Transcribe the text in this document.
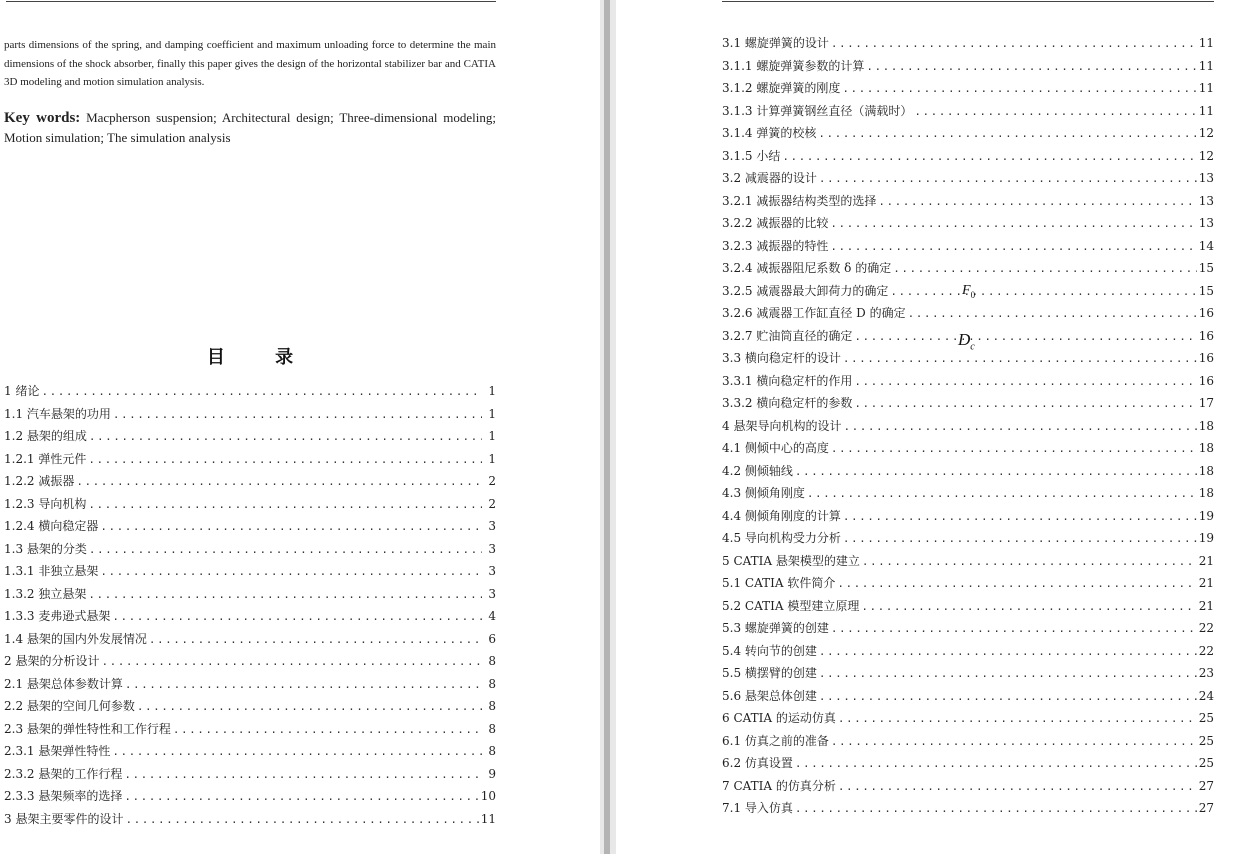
parts dimensions of the spring, and damping coefficient and maximum unloading force to determine the main dimensions of the shock absorber, finally this paper gives the design of the horizontal stabilizer bar and CATIA 3D modeling and motion simulation analysis.

Key words: Macpherson suspension; Architectural design; Three-dimensional modeling; Motion simulation; The simulation analysis

目	录
1 绪论 .....	1
1.1 汽车悬架的功用 .....	1
1.2 悬架的组成 .....	1
1.2.1 弹性元件 .....	1
1.2.2 减振器 .....	2
1.2.3 导向机构 .....	2
1.2.4 横向稳定器 .....	3
1.3 悬架的分类 .....	3
1.3.1 非独立悬架 .....	3
1.3.2 独立悬架 .....	3
1.3.3 麦弗逊式悬架 .....	4
1.4 悬架的国内外发展情况 .....	6
2 悬架的分析设计 .....	8
2.1 悬架总体参数计算 .....	8
2.2 悬架的空间几何参数 .....	8
2.3 悬架的弹性特性和工作行程 .....	8
2.3.1 悬架弹性特性 .....	8
2.3.2 悬架的工作行程 .....	9
2.3.3 悬架频率的选择 .....	10
3 悬架主要零件的设计 .....	11
3.1 螺旋弹簧的设计 .....	11
3.1.1 螺旋弹簧参数的计算 .....	11
3.1.2 螺旋弹簧的刚度 .....	11
3.1.3 计算弹簧钢丝直径（满载时） .....	11
3.1.4 弹簧的校核 .....	12
3.1.5 小结 .....	12
3.2 减震器的设计 .....	13
3.2.1 减振器结构类型的选择 .....	13
3.2.2 减振器的比较 .....	13
3.2.3 减振器的特性 .....	14
3.2.4 减振器阻尼系数 δ 的确定 .....	15
3.2.5 减震器最大卸荷力的确定 .....	15
3.2.6 减震器工作缸直径 D 的确定 .....	16
3.2.7 贮油筒直径的确定 .....	16
3.3 横向稳定杆的设计 .....	16
3.3.1 横向稳定杆的作用 .....	16
3.3.2 横向稳定杆的参数 .....	17
4 悬架导向机构的设计 .....	18
4.1 侧倾中心的高度 .....	18
4.2 侧倾轴线 .....	18
4.3 侧倾角刚度 .....	18
4.4 侧倾角刚度的计算 .....	19
4.5 导向机构受力分析 .....	19
5 CATIA 悬架模型的建立 .....	21
5.1 CATIA 软件简介 .....	21
5.2 CATIA 模型建立原理 .....	21
5.3 螺旋弹簧的创建 .....	22
5.4 转向节的创建 .....	22
5.5 横摆臂的创建 .....	23
5.6 悬架总体创建 .....	24
6 CATIA 的运动仿真 .....	25
6.1 仿真之前的准备 .....	25
6.2 仿真设置 .....	25
7 CATIA 的仿真分析 .....	27
7.1 导入仿真 .....	27
$F_0$
$D_c$
